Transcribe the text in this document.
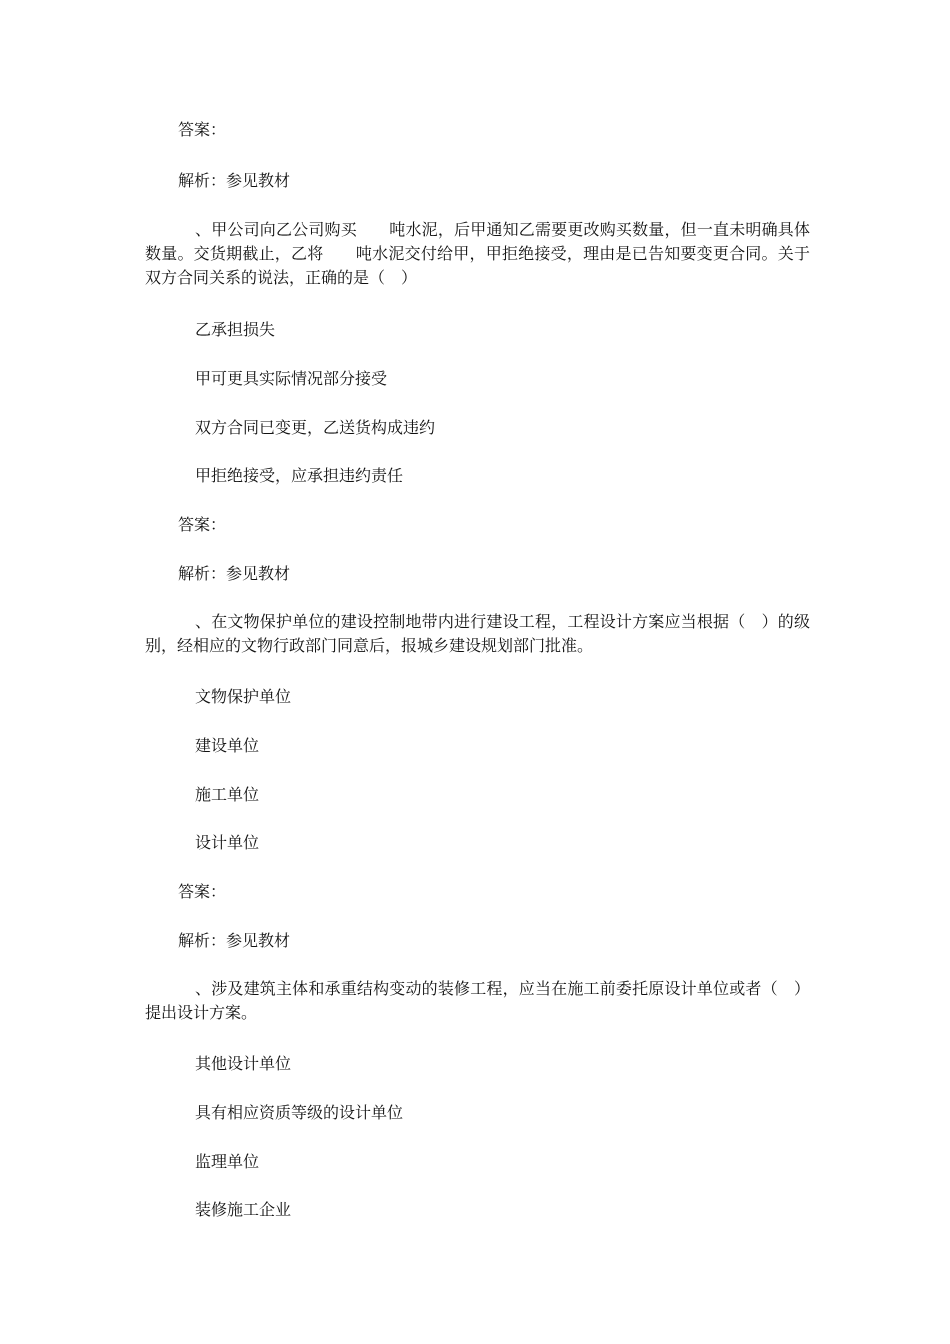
答案：

解析：参见教材

、甲公司向乙公司购买　　吨水泥，后甲通知乙需要更改购买数量，但一直未明确具体数量。交货期截止，乙将　　吨水泥交付给甲，甲拒绝接受，理由是已告知要变更合同。关于双方合同关系的说法，正确的是（　）

乙承担损失

甲可更具实际情况部分接受

双方合同已变更，乙送货构成违约

甲拒绝接受，应承担违约责任

答案：

解析：参见教材

、在文物保护单位的建设控制地带内进行建设工程，工程设计方案应当根据（　）的级别，经相应的文物行政部门同意后，报城乡建设规划部门批准。

文物保护单位

建设单位

施工单位

设计单位

答案：

解析：参见教材

、涉及建筑主体和承重结构变动的装修工程，应当在施工前委托原设计单位或者（　）提出设计方案。

其他设计单位

具有相应资质等级的设计单位

监理单位

装修施工企业
